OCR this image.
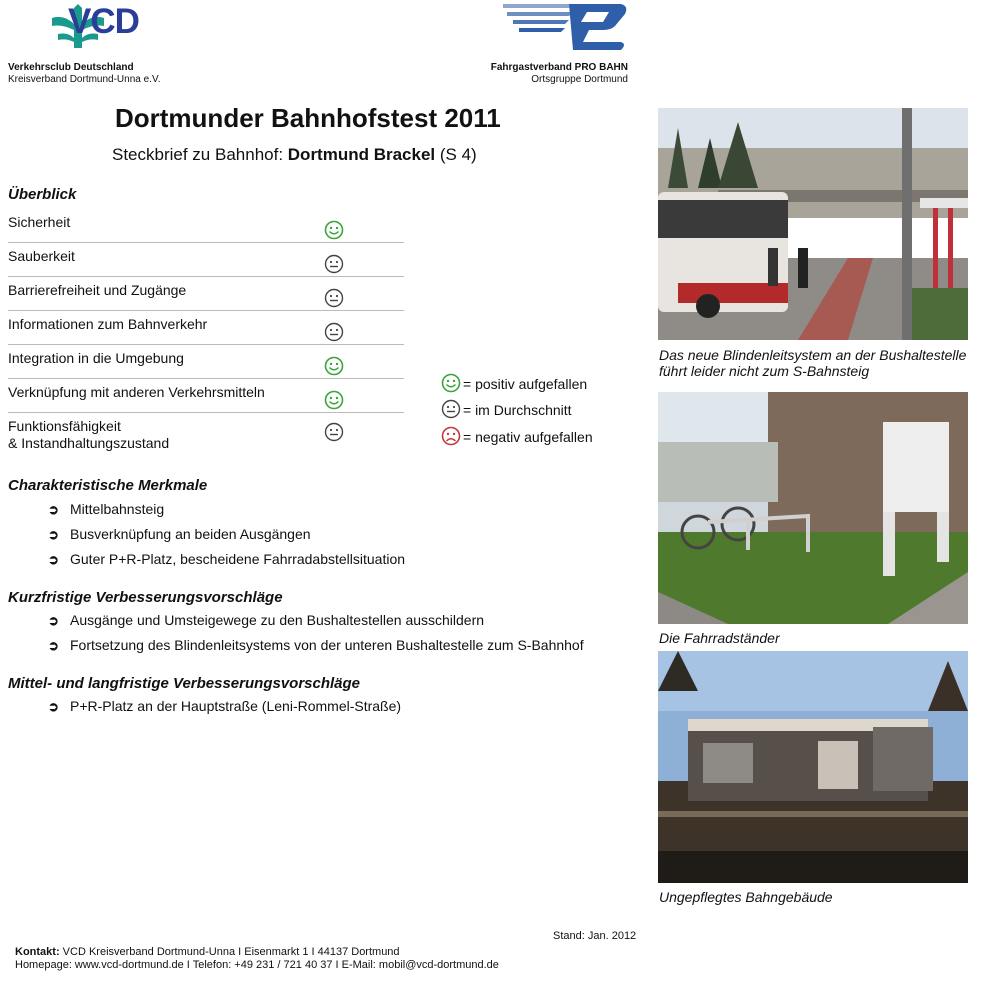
VCD
Verkehrsclub Deutschland
Kreisverband Dortmund-Unna e.V.
Fahrgastverband PRO BAHN
Ortsgruppe Dortmund
Dortmunder Bahnhofstest 2011
Steckbrief zu Bahnhof: Dortmund Brackel (S 4)
Überblick
Sicherheit
Sauberkeit
Barrierefreiheit und Zugänge
Informationen zum Bahnverkehr
Integration in die Umgebung
Verknüpfung mit anderen Verkehrsmitteln
Funktionsfähigkeit
& Instandhaltungszustand
= positiv aufgefallen
= im Durchschnitt
= negativ aufgefallen
Charakteristische Merkmale
➲ Mittelbahnsteig
➲ Busverknüpfung an beiden Ausgängen
➲ Guter P+R-Platz, bescheidene Fahrradabstellsituation
Kurzfristige Verbesserungsvorschläge
➲ Ausgänge und Umsteigewege zu den Bushaltestellen ausschildern
➲ Fortsetzung des Blindenleitsystems von der unteren Bushaltestelle zum S-Bahnhof
Mittel- und langfristige Verbesserungsvorschläge
➲ P+R-Platz an der Hauptstraße (Leni-Rommel-Straße)
Das neue Blindenleitsystem an der Bushaltestelle
führt leider nicht zum S-Bahnsteig
Die Fahrradständer
Ungepflegtes Bahngebäude
Stand: Jan. 2012
Kontakt: VCD Kreisverband Dortmund-Unna I Eisenmarkt 1 I 44137 Dortmund
Homepage: www.vcd-dortmund.de I Telefon: +49 231 / 721 40 37 I E-Mail: mobil@vcd-dortmund.de
